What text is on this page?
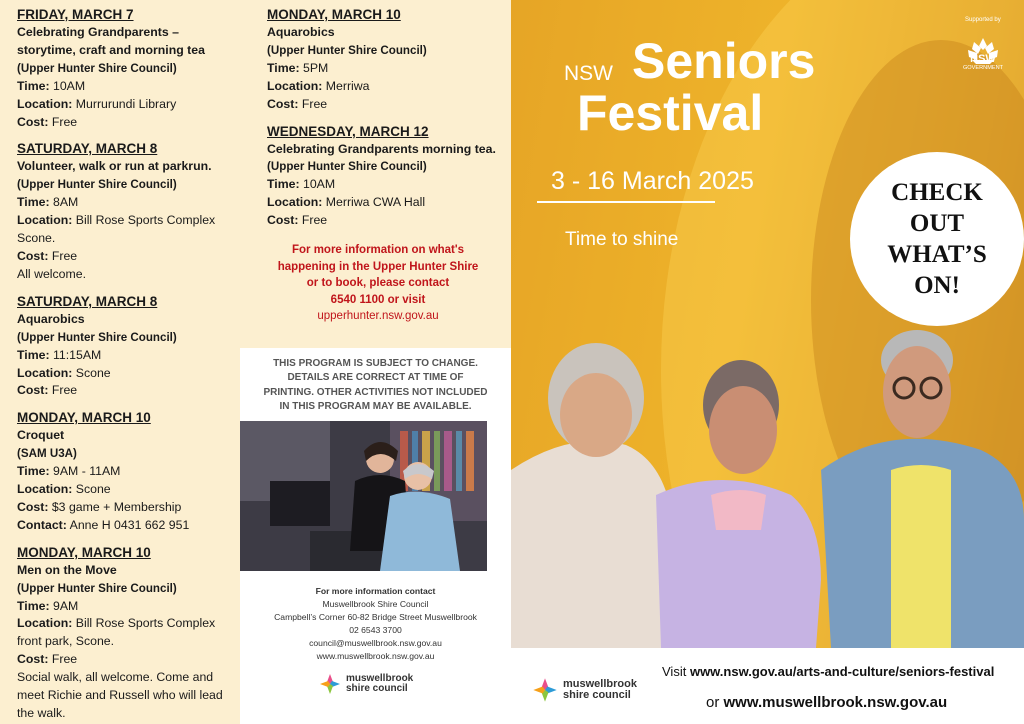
FRIDAY, MARCH 7
Celebrating Grandparents – storytime, craft and morning tea
(Upper Hunter Shire Council)
Time: 10AM
Location: Murrurundi Library
Cost: Free
SATURDAY, MARCH 8
Volunteer, walk or run at parkrun.
(Upper Hunter Shire Council)
Time: 8AM
Location: Bill Rose Sports Complex Scone.
Cost: Free
All welcome.
SATURDAY, MARCH 8
Aquarobics
(Upper Hunter Shire Council)
Time: 11:15AM
Location: Scone
Cost: Free
MONDAY, MARCH 10
Croquet
(SAM U3A)
Time: 9AM - 11AM
Location: Scone
Cost: $3 game + Membership
Contact: Anne H 0431 662 951
MONDAY, MARCH 10
Men on the Move
(Upper Hunter Shire Council)
Time: 9AM
Location: Bill Rose Sports Complex front park, Scone.
Cost: Free
Social walk, all welcome. Come and meet Richie and Russell who will lead the walk.
MONDAY, MARCH 10
Aquarobics
(Upper Hunter Shire Council)
Time: 5PM
Location: Merriwa
Cost: Free
WEDNESDAY, MARCH 12
Celebrating Grandparents morning tea.
(Upper Hunter Shire Council)
Time: 10AM
Location: Merriwa CWA Hall
Cost: Free
For more information on what's
happening in the Upper Hunter Shire
or to book, please contact
6540 1100 or visit
upperhunter.nsw.gov.au
THIS PROGRAM IS SUBJECT TO CHANGE.
DETAILS ARE CORRECT AT TIME OF
PRINTING. OTHER ACTIVITIES NOT INCLUDED
IN THIS PROGRAM MAY BE AVAILABLE.
For more information contact
Muswellbrook Shire Council
Campbell’s Corner 60-82 Bridge Street Muswellbrook
02 6543 3700
council@muswellbrook.nsw.gov.au
www.muswellbrook.nsw.gov.au
muswellbrook
shire council
Supported by
NSW
GOVERNMENT
NSW Seniors
Festival
3 - 16 March 2025
Time to shine
CHECK
OUT
WHAT’S
ON!
Visit www.nsw.gov.au/arts-and-culture/seniors-festival
or www.muswellbrook.nsw.gov.au
muswellbrook
shire council
